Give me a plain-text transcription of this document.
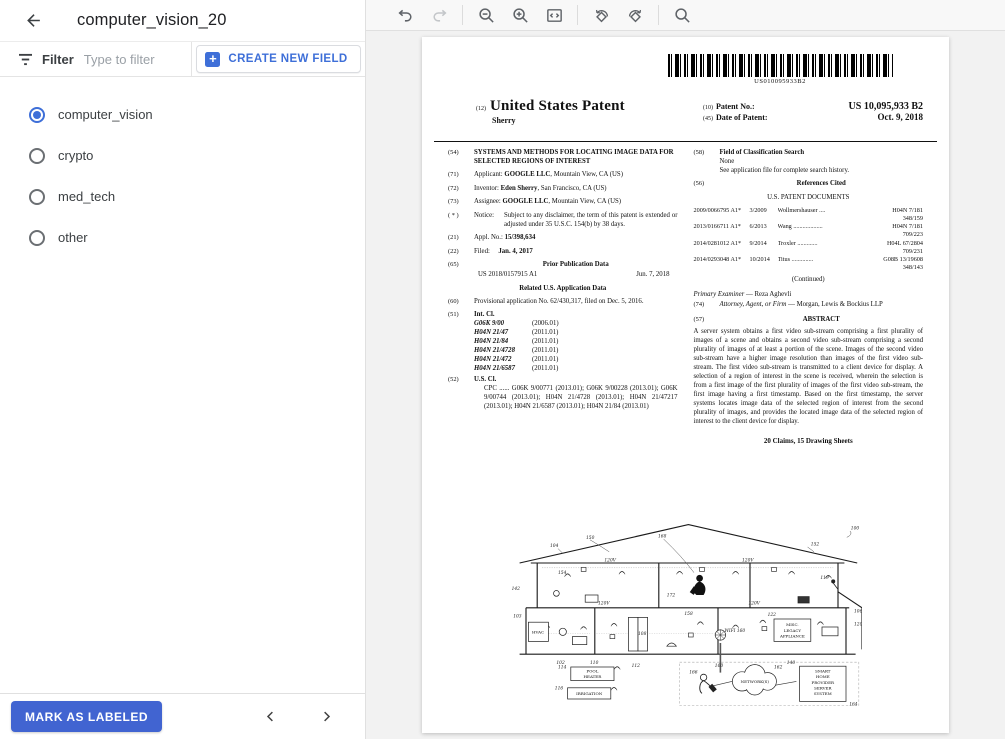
computer_vision_20
Filter
Type to filter	+	CREATE NEW FIELD
computer_vision
crypto
med_tech
other
MARK AS LABELED
US010095933B2
(12) United States Patent
Sherry
(10) Patent No.:	US 10,095,933 B2
(45) Date of Patent:	Oct. 9, 2018
(54)	SYSTEMS AND METHODS FOR LOCATING IMAGE DATA FOR SELECTED REGIONS OF INTEREST
(71)	Applicant: GOOGLE LLC, Mountain View, CA (US)
(72)	Inventor: Eden Sherry, San Francisco, CA (US)
(73)	Assignee: GOOGLE LLC, Mountain View, CA (US)
( * )	Notice:	Subject to any disclaimer, the term of this patent is extended or adjusted under 35 U.S.C. 154(b) by 38 days.
(21)	Appl. No.: 15/398,634
(22)	Filed: Jan. 4, 2017
(65)	Prior Publication Data
US 2018/0157915 A1	Jun. 7, 2018
Related U.S. Application Data
(60)	Provisional application No. 62/430,317, filed on Dec. 5, 2016.
(51)	Int. Cl.
G06K 9/00	(2006.01)
H04N 21/47	(2011.01)
H04N 21/84	(2011.01)
H04N 21/4728	(2011.01)
H04N 21/472	(2011.01)
H04N 21/6587	(2011.01)
(52)	U.S. Cl.
CPC ...... G06K 9/00771 (2013.01); G06K 9/00228 (2013.01); G06K 9/00744 (2013.01); H04N 21/4728 (2013.01); H04N 21/47217 (2013.01); H04N 21/6587 (2013.01); H04N 21/84 (2013.01)
(58)	Field of Classification Search
None
See application file for complete search history.
(56)	References Cited
U.S. PATENT DOCUMENTS
2009/0066795 A1*	3/2009	Wollmershauser ....	H04N 7/181
348/159
2013/0166711 A1*	6/2013	Wang ...................	H04N 7/181
709/223
2014/0281012 A1*	9/2014	Troxler .............	H04L 67/2804
709/231
2014/0293048 A1*	10/2014	Titus ..............	G08B 13/19608
348/143
(Continued)
Primary Examiner — Reza Aghevli
(74)	Attorney, Agent, or Firm — Morgan, Lewis & Bockius LLP
(57)	ABSTRACT
A server system obtains a first video sub-stream comprising a first plurality of images of a scene and obtains a second video sub-stream comprising a second plurality of images of at least a portion of the scene. Images of the second video sub-stream have a higher image resolution than images of the first video sub-stream. The first video sub-stream is transmitted to a client device for display. A selection of a region of interest in the scene is received, wherein the selection is from a first image of the first plurality of images of the first video sub-stream, the first image having a first timestamp. Based on the first timestamp, the server systems locates image data of the selected region of interest from the second plurality of images, and provides the located image data of the selected region of interest to the client device for display.
20 Claims, 15 Drawing Sheets
HVAC
MISC.
LEGACY
APPLIANCE
POOL
HEATER
IRRIGATION
NETWORK(S)
SMART
HOME
PROVIDER
SERVER
SYSTEM
150	168
100
152
104
142
103
102	110
112
106
160
140
158
172
119
122
120
154
114
116
162
164
166
108
120V	120V
120V	120V
WIFI 160
